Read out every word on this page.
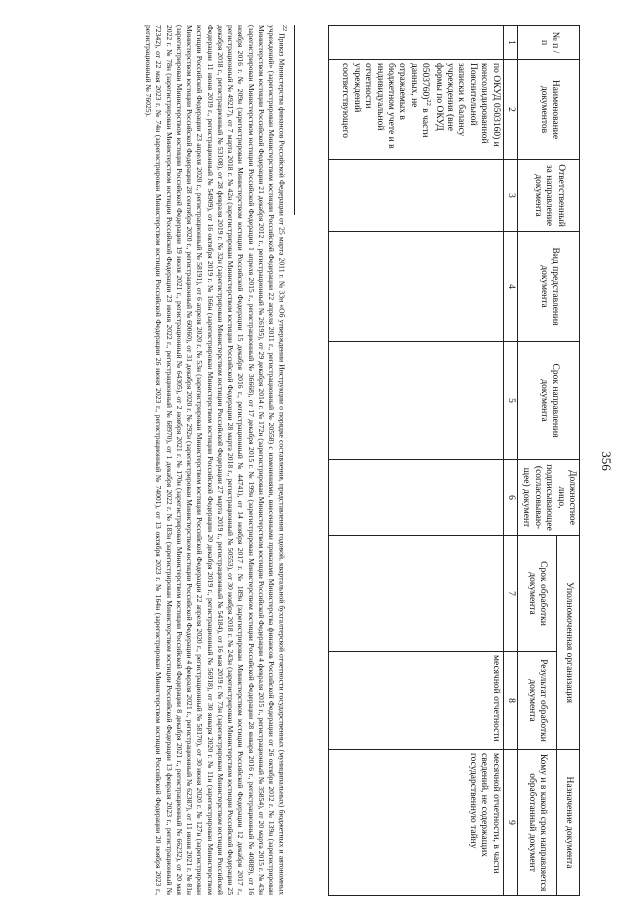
356
№ п / п	Наименование документов	Ответственный за направление документа	Вид представления документа	Срок направления документа	Должностное лицо, подписывающее (согласовываю-щее) документ	Уполномоченная организация		Назначение документа
						Срок обработки документа	Результат обработки документа	Кому и в какой срок направляется обработанный документ
1	2	3	4	5	6	7	8	9
	по ОКУД 0503160) и консолидированной Пояснительной записки к балансу учреждения (вне формы по ОКУД 0503760)$^{22}$ в части данных, не отражаемых в бюджетном учете и в индивидуальной отчетности учреждений соответствующего						месячной отчетности	месячной отчетности, в части сведений, не содержащих государственную тайну
$^{22}$ Приказ Министерства финансов Российской Федерации от 25 марта 2011 г. № 33н «Об утверждении Инструкции о порядке составления, представления годовой, квартальной бухгалтерской отчетности государственных (муниципальных) бюджетных и автономных учреждений» (зарегистрирован Министерством юстиции Российской Федерации 22 апреля 2011 г., регистрационный № 20558) с изменениями, внесенными приказами Министерства финансов Российской Федерации от 26 октября 2012 г. № 139н (зарегистрирован Министерством юстиции Российской Федерации 21 декабря 2012 г., регистрационный № 26195), от 29 декабря 2014 г. № 172н (зарегистрирован Министерством юстиции Российской Федерации 4 февраля 2015 г., регистрационный № 35854), от 20 марта 2015 г. № 43н (зарегистрирован Министерством юстиции Российской Федерации 1 апреля 2015 г., регистрационный № 36668), от 17 декабря 2015 г. № 199н (зарегистрирован Министерством юстиции Российской Федерации 28 января 2016 г., регистрационный № 40889), от 16 ноября 2016 г. № 209н (зарегистрирован Министерством юстиции Российской Федерации 15 декабря 2016 г., регистрационный № 44741), от 14 ноября 2017 г. № 189н (зарегистрирован Министерством юстиции Российской Федерации 12 декабря 2017 г., регистрационный № 49217), от 7 марта 2018 г. № 42н (зарегистрирован Министерством юстиции Российской Федерации 28 марта 2018 г., регистрационный № 50553), от 30 ноября 2018 г. № 243н (зарегистрирован Министерством юстиции Российской Федерации 25 декабря 2018 г., регистрационный № 53108), от 28 февраля 2019 г. № 32н (зарегистрирован Министерством юстиции Российской Федерации 27 марта 2019 г., регистрационный № 54184), от 16 мая 2019 г. № 73н (зарегистрирован Министерством юстиции Российской Федерации 11 июня 2019 г., регистрационный № 54909), от 16 октября 2019 г. № 166н (зарегистрирован Министерством юстиции Российской Федерации 20 декабря 2019 г., регистрационный № 56918), от 30 января 2020 г. № 11н (зарегистрирован Министерством юстиции Российской Федерации 23 апреля 2020 г., регистрационный № 58191), от 6 апреля 2020 г. № 53н (зарегистрирован Министерством юстиции Российской Федерации 22 апреля 2020 г., регистрационный № 58170), от 30 июня 2020 г. № 127н (зарегистрирован Министерством юстиции Российской Федерации 28 сентября 2020 г., регистрационный № 60060), от 31 декабря 2020 г. № 292н (зарегистрирован Министерством юстиции Российской Федерации 4 февраля 2021 г., регистрационный № 62387), от 11 июня 2021 г. № 81н (зарегистрирован Министерством юстиции Российской Федерации 19 июля 2021 г., регистрационный № 64305), от 2 ноября 2021 г. № 170н (зарегистрирован Министерством юстиции Российской Федерации 8 декабря 2021 г., регистрационный № 66232), от 20 мая 2022 г. № 78н (зарегистрирован Министерством юстиции Российской Федерации 23 июня 2022 г., регистрационный № 68970), от 1 декабря 2022 г. № 183н (зарегистрирован Министерством юстиции Российской Федерации 13 февраля 2023 г., регистрационный № 72342), от 22 мая 2023 г. № 74н (зарегистрирован Министерством юстиции Российской Федерации 26 июня 2023 г., регистрационный № 74001), от 13 октября 2023 г. № 164н (зарегистрирован Министерством юстиции Российской Федерации 20 ноября 2023 г., регистрационный № 76025).
